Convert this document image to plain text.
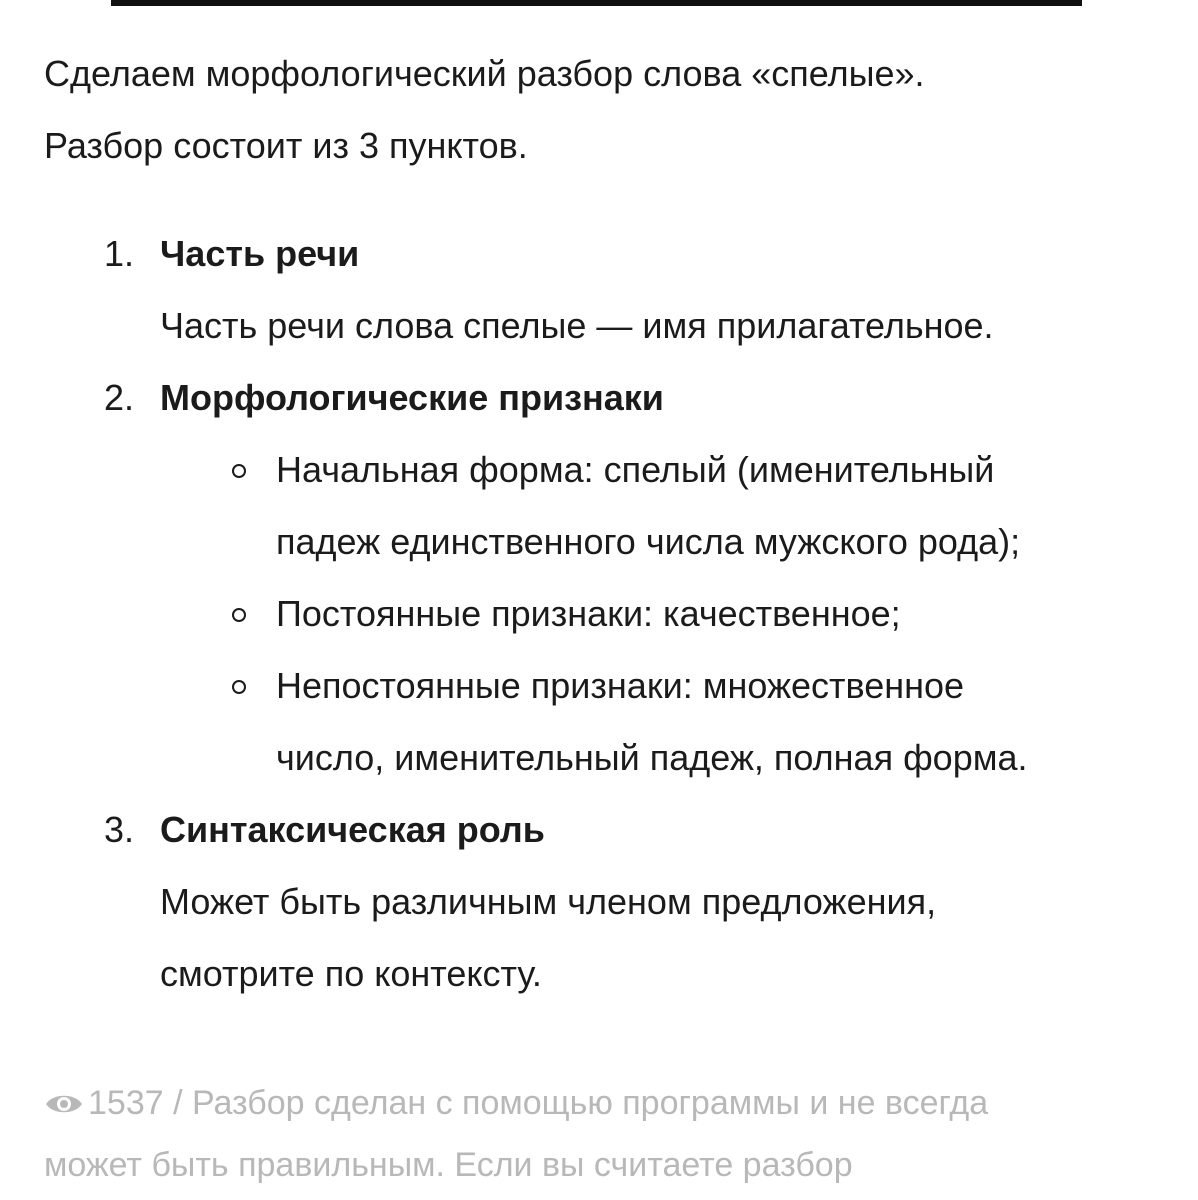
Сделаем морфологический разбор слова «спелые».

Разбор состоит из 3 пунктов.

1. Часть речи

Часть речи слова спелые — имя прилагательное.

2. Морфологические признаки

Начальная форма: спелый (именительный
падеж единственного числа мужского рода);
Постоянные признаки: качественное;
Непостоянные признаки: множественное
число, именительный падеж, полная форма.
3. Синтаксическая роль

Может быть различным членом предложения,

смотрите по контексту.

1537 / Разбор сделан с помощью программы и не всегда
может быть правильным. Если вы считаете разбор
